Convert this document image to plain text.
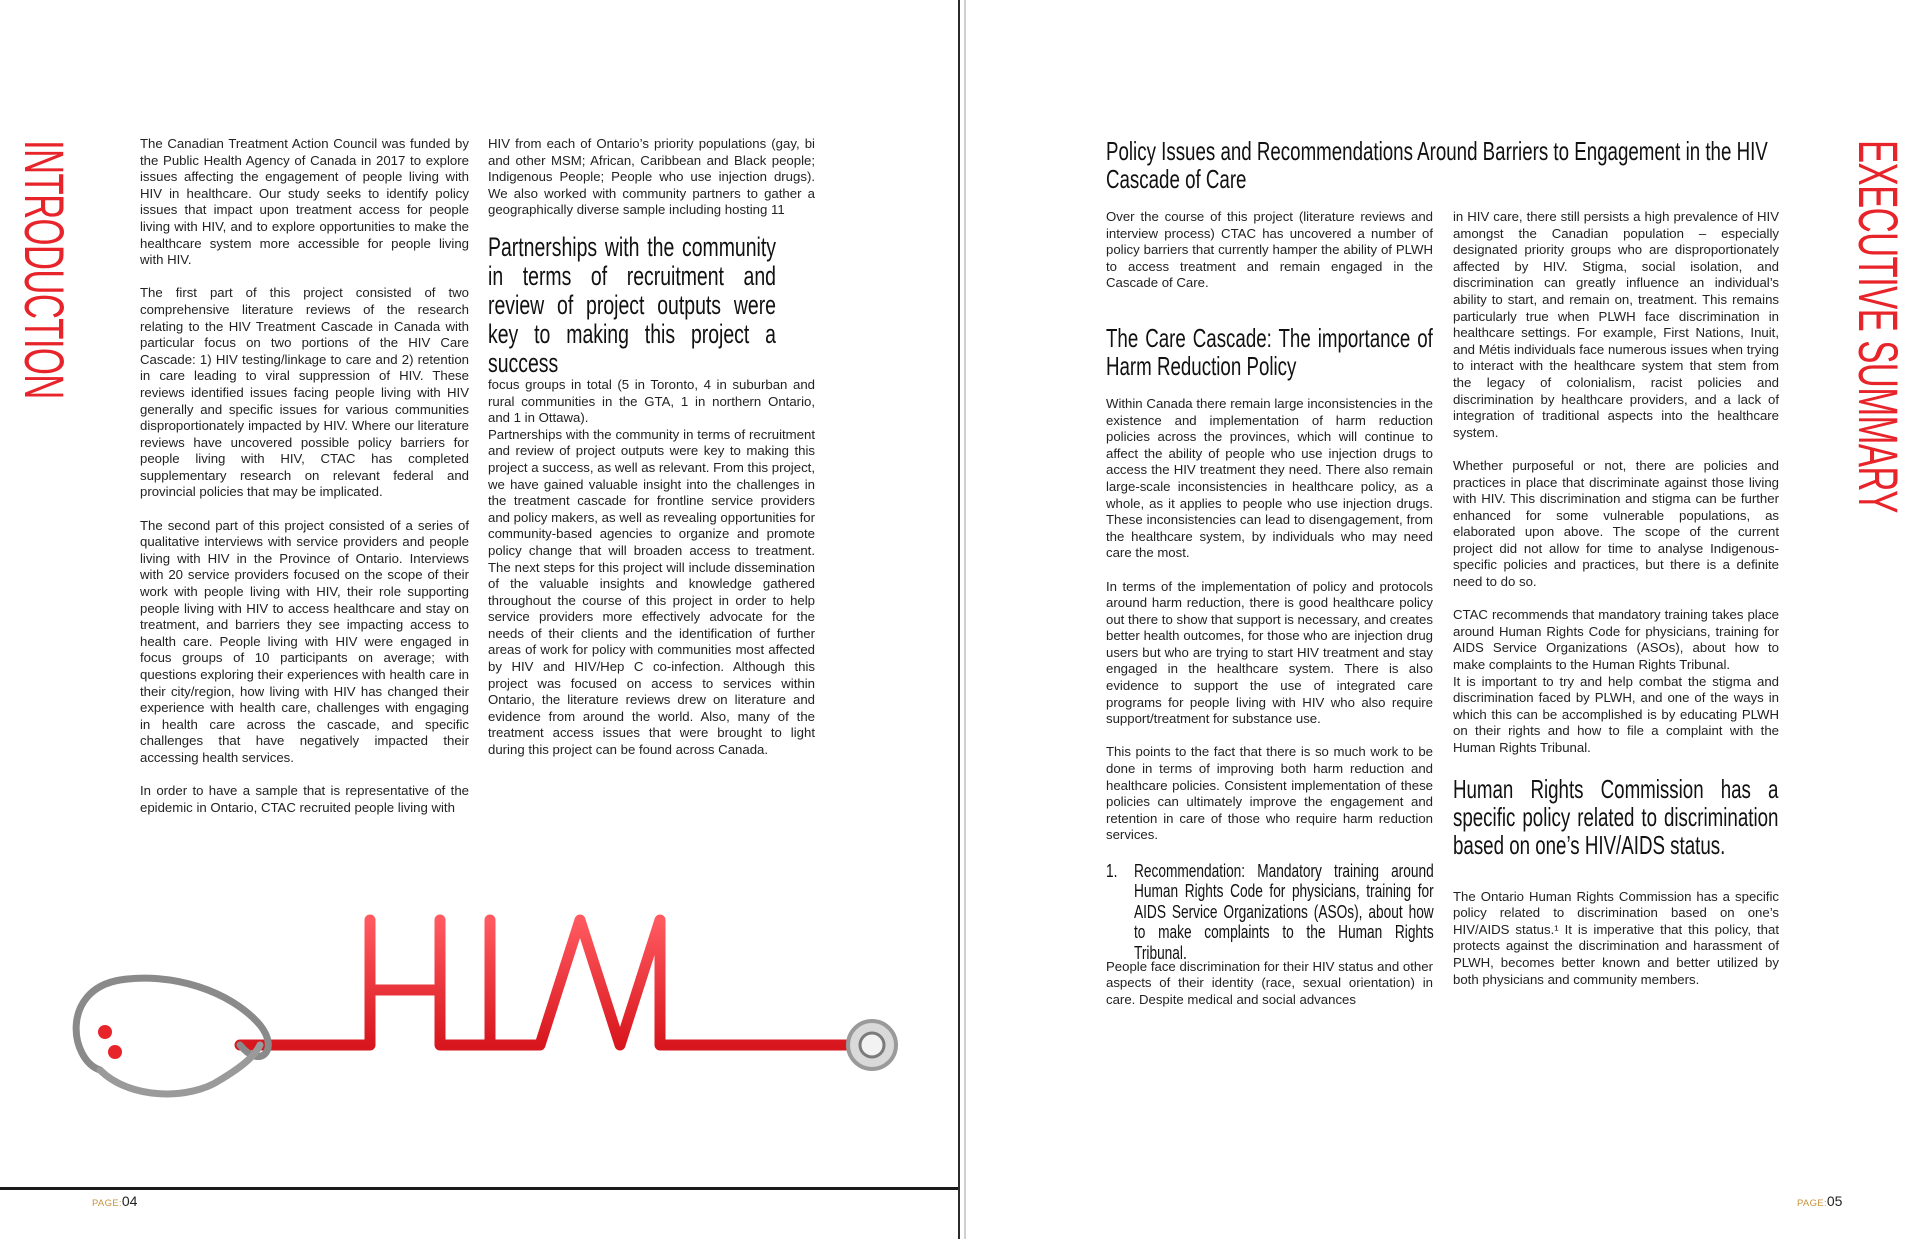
INTRODUCTION	The Canadian Treatment Action Council was funded by the Public Health Agency of Canada in 2017 to explore issues affecting the engagement of people living with HIV in healthcare. Our study seeks to identify policy issues that impact upon treatment access for people living with HIV, and to explore opportunities to make the healthcare system more accessible for people living with HIV.

The first part of this project consisted of two comprehensive literature reviews of the research relating to the HIV Treatment Cascade in Canada with particular focus on two portions of the HIV Care Cascade: 1) HIV testing/linkage to care and 2) retention in care leading to viral suppression of HIV. These reviews identified issues facing people living with HIV generally and specific issues for various communities disproportionately impacted by HIV. Where our literature reviews have uncovered possible policy barriers for people living with HIV, CTAC has completed supplementary research on relevant federal and provincial policies that may be implicated.

The second part of this project consisted of a series of qualitative interviews with service providers and people living with HIV in the Province of Ontario. Interviews with 20 service providers focused on the scope of their work with people living with HIV, their role supporting people living with HIV to access healthcare and stay on treatment, and barriers they see impacting access to health care. People living with HIV were engaged in focus groups of 10 participants on average; with questions exploring their experiences with health care in their city/region, how living with HIV has changed their experience with health care, challenges with engaging in health care across the cascade, and specific challenges that have negatively impacted their accessing health services.

In order to have a sample that is representative of the epidemic in Ontario, CTAC recruited people living with

HIV from each of Ontario’s priority populations (gay, bi and other MSM; African, Caribbean and Black people; Indigenous People; People who use injection drugs). We also worked with community partners to gather a geographically diverse sample including hosting 11

Partnerships with the community in terms of recruitment and review of project outputs were key to making this project a success

focus groups in total (5 in Toronto, 4 in suburban and rural communities in the GTA, 1 in northern Ontario, and 1 in Ottawa).

Partnerships with the community in terms of recruitment and review of project outputs were key to making this project a success, as well as relevant. From this project, we have gained valuable insight into the challenges in the treatment cascade for frontline service providers and policy makers, as well as revealing opportunities for community-based agencies to organize and promote policy change that will broaden access to treatment. The next steps for this project will include dissemination of the valuable insights and knowledge gathered throughout the course of this project in order to help service providers more effectively advocate for the needs of their clients and the identification of further areas of work for policy with communities most affected by HIV and HIV/Hep C co-infection. Although this project was focused on access to services within Ontario, the literature reviews drew on literature and evidence from around the world. Also, many of the treatment access issues that were brought to light during this project can be found across Canada.

HIV
PAGE:04
Policy Issues and Recommendations Around Barriers to Engagement in the HIV Cascade of Care

Over the course of this project (literature reviews and interview process) CTAC has uncovered a number of policy barriers that currently hamper the ability of PLWH to access treatment and remain engaged in the Cascade of Care.

The Care Cascade: The importance of Harm Reduction Policy

Within Canada there remain large inconsistencies in the existence and implementation of harm reduction policies across the provinces, which will continue to affect the ability of people who use injection drugs to access the HIV treatment they need. There also remain large-scale inconsistencies in healthcare policy, as a whole, as it applies to people who use injection drugs. These inconsistencies can lead to disengagement, from the healthcare system, by individuals who may need care the most.

In terms of the implementation of policy and protocols around harm reduction, there is good healthcare policy out there to show that support is necessary, and creates better health outcomes, for those who are injection drug users but who are trying to start HIV treatment and stay engaged in the healthcare system. There is also evidence to support the use of integrated care programs for people living with HIV who also require support/treatment for substance use.

This points to the fact that there is so much work to be done in terms of improving both harm reduction and healthcare policies. Consistent implementation of these policies can ultimately improve the engagement and retention in care of those who require harm reduction services.

1. Recommendation: Mandatory training around Human Rights Code for physicians, training for AIDS Service Organizations (ASOs), about how to make complaints to the Human Rights Tribunal.

People face discrimination for their HIV status and other aspects of their identity (race, sexual orientation) in care. Despite medical and social advances

in HIV care, there still persists a high prevalence of HIV amongst the Canadian population – especially designated priority groups who are disproportionately affected by HIV. Stigma, social isolation, and discrimination can greatly influence an individual’s ability to start, and remain on, treatment. This remains particularly true when PLWH face discrimination in healthcare settings. For example, First Nations, Inuit, and Métis individuals face numerous issues when trying to interact with the healthcare system that stem from the legacy of colonialism, racist policies and discrimination by healthcare providers, and a lack of integration of traditional aspects into the healthcare system.

Whether purposeful or not, there are policies and practices in place that discriminate against those living with HIV. This discrimination and stigma can be further enhanced for some vulnerable populations, as elaborated upon above. The scope of the current project did not allow for time to analyse Indigenous-specific policies and practices, but there is a definite need to do so.

CTAC recommends that mandatory training takes place around Human Rights Code for physicians, training for AIDS Service Organizations (ASOs), about how to make complaints to the Human Rights Tribunal.

It is important to try and help combat the stigma and discrimination faced by PLWH, and one of the ways in which this can be accomplished is by educating PLWH on their rights and how to file a complaint with the Human Rights Tribunal.

Human Rights Commission has a specific policy related to discrimination based on one’s HIV/AIDS status.

The Ontario Human Rights Commission has a specific policy related to discrimination based on one’s HIV/AIDS status.¹ It is imperative that this policy, that protects against the discrimination and harassment of PLWH, becomes better known and better utilized by both physicians and community members.

EXECUTIVE SUMMARY
PAGE:05
